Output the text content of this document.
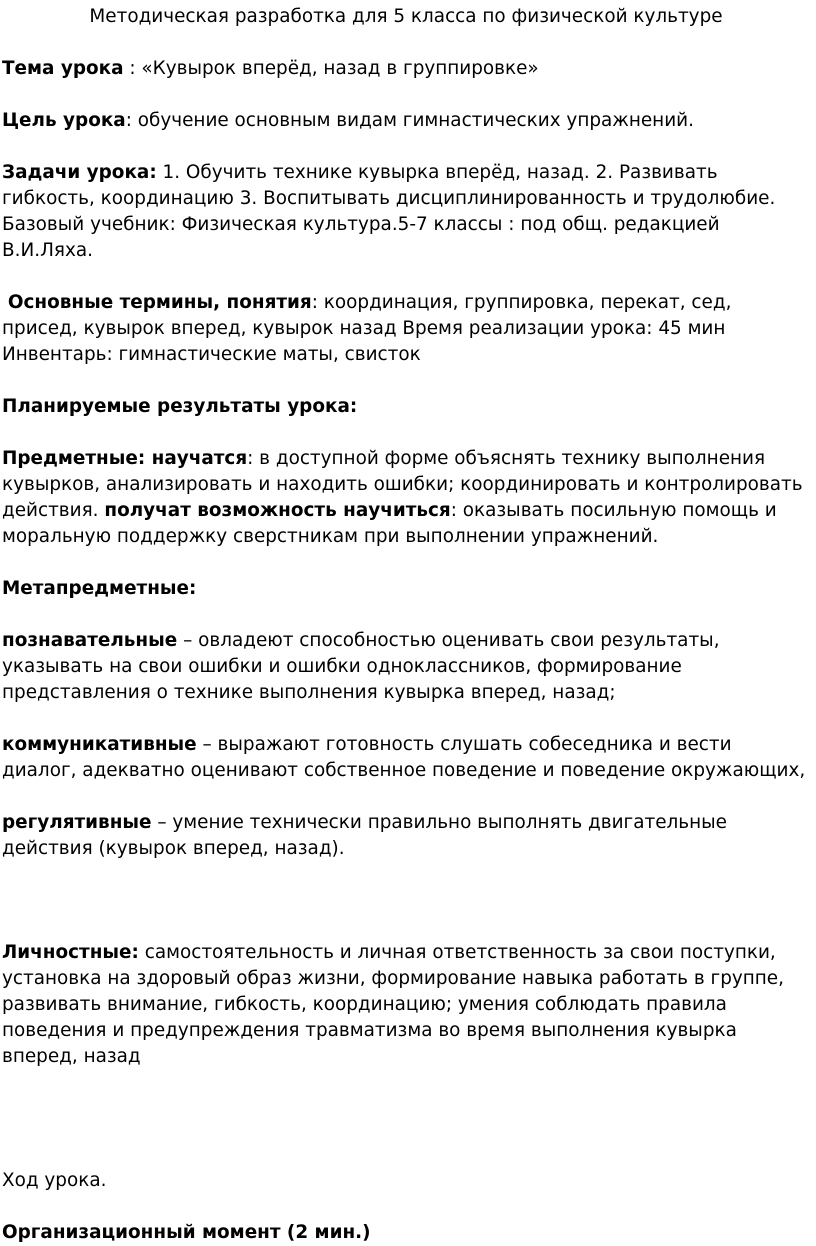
Методическая разработка для 5 класса по физической культуре

Тема урока : «Кувырок вперёд, назад в группировке»

Цель урока: обучение основным видам гимнастических упражнений.

Задачи урока: 1. Обучить технике кувырка вперёд, назад. 2. Развивать гибкость, координацию 3. Воспитывать дисциплинированность и трудолюбие. Базовый учебник: Физическая культура.5-7 классы : под общ. редакцией В.И.Ляха.

Основные термины, понятия: координация, группировка, перекат, сед, присед, кувырок вперед, кувырок назад Время реализации урока: 45 мин Инвентарь: гимнастические маты, свисток

Планируемые результаты урока:

Предметные: научатся: в доступной форме объяснять технику выполнения кувырков, анализировать и находить ошибки; координировать и контролировать действия. получат возможность научиться: оказывать посильную помощь и моральную поддержку сверстникам при выполнении упражнений.

Метапредметные:

познавательные – овладеют способностью оценивать свои результаты, указывать на свои ошибки и ошибки одноклассников, формирование представления о технике выполнения кувырка вперед, назад;

коммуникативные – выражают готовность слушать собеседника и вести диалог, адекватно оценивают собственное поведение и поведение окружающих,

регулятивные – умение технически правильно выполнять двигательные действия (кувырок вперед, назад).

Личностные: самостоятельность и личная ответственность за свои поступки, установка на здоровый образ жизни, формирование навыка работать в группе, развивать внимание, гибкость, координацию; умения соблюдать правила поведения и предупреждения травматизма во время выполнения кувырка вперед, назад

Ход урока.

Организационный момент (2 мин.)
